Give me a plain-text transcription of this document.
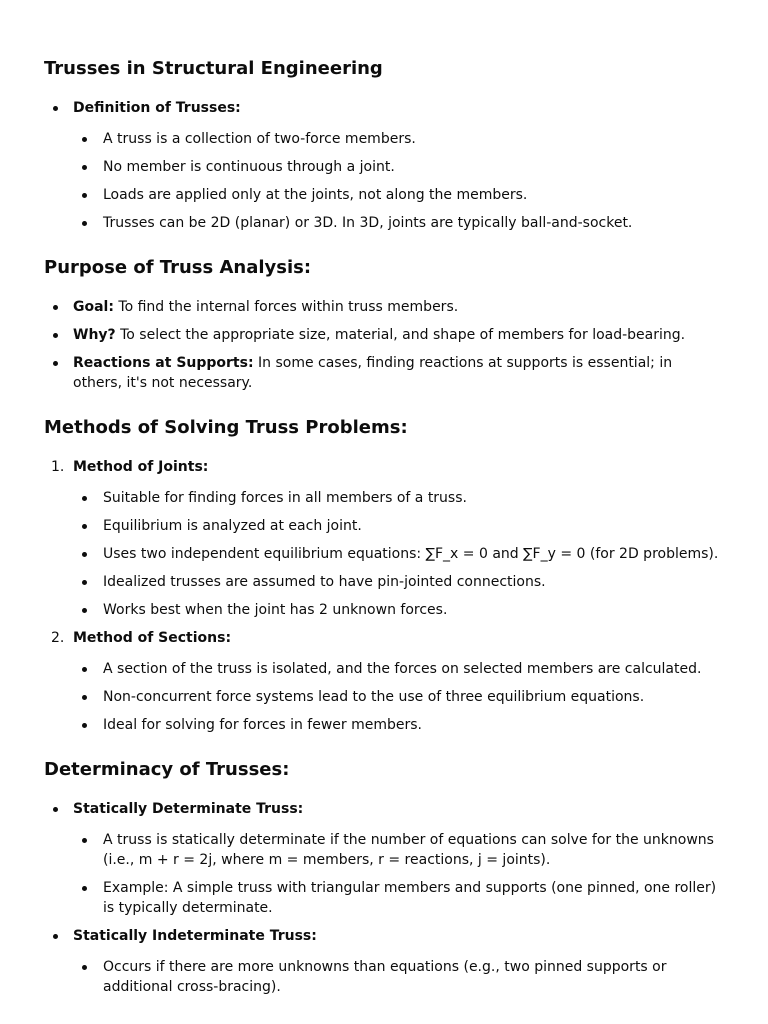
Trusses in Structural Engineering
Definition of Trusses:
A truss is a collection of two-force members.
No member is continuous through a joint.
Loads are applied only at the joints, not along the members.
Trusses can be 2D (planar) or 3D. In 3D, joints are typically ball-and-socket.
Purpose of Truss Analysis:
Goal: To find the internal forces within truss members.
Why? To select the appropriate size, material, and shape of members for load-bearing.
Reactions at Supports: In some cases, finding reactions at supports is essential; in others, it's not necessary.
Methods of Solving Truss Problems:
1. Method of Joints:
Suitable for finding forces in all members of a truss.
Equilibrium is analyzed at each joint.
Uses two independent equilibrium equations: ∑F_x = 0 and ∑F_y = 0 (for 2D problems).
Idealized trusses are assumed to have pin-jointed connections.
Works best when the joint has 2 unknown forces.
2. Method of Sections:
A section of the truss is isolated, and the forces on selected members are calculated.
Non-concurrent force systems lead to the use of three equilibrium equations.
Ideal for solving for forces in fewer members.
Determinacy of Trusses:
Statically Determinate Truss:
A truss is statically determinate if the number of equations can solve for the unknowns (i.e., m + r = 2j, where m = members, r = reactions, j = joints).
Example: A simple truss with triangular members and supports (one pinned, one roller) is typically determinate.
Statically Indeterminate Truss:
Occurs if there are more unknowns than equations (e.g., two pinned supports or additional cross-bracing).
